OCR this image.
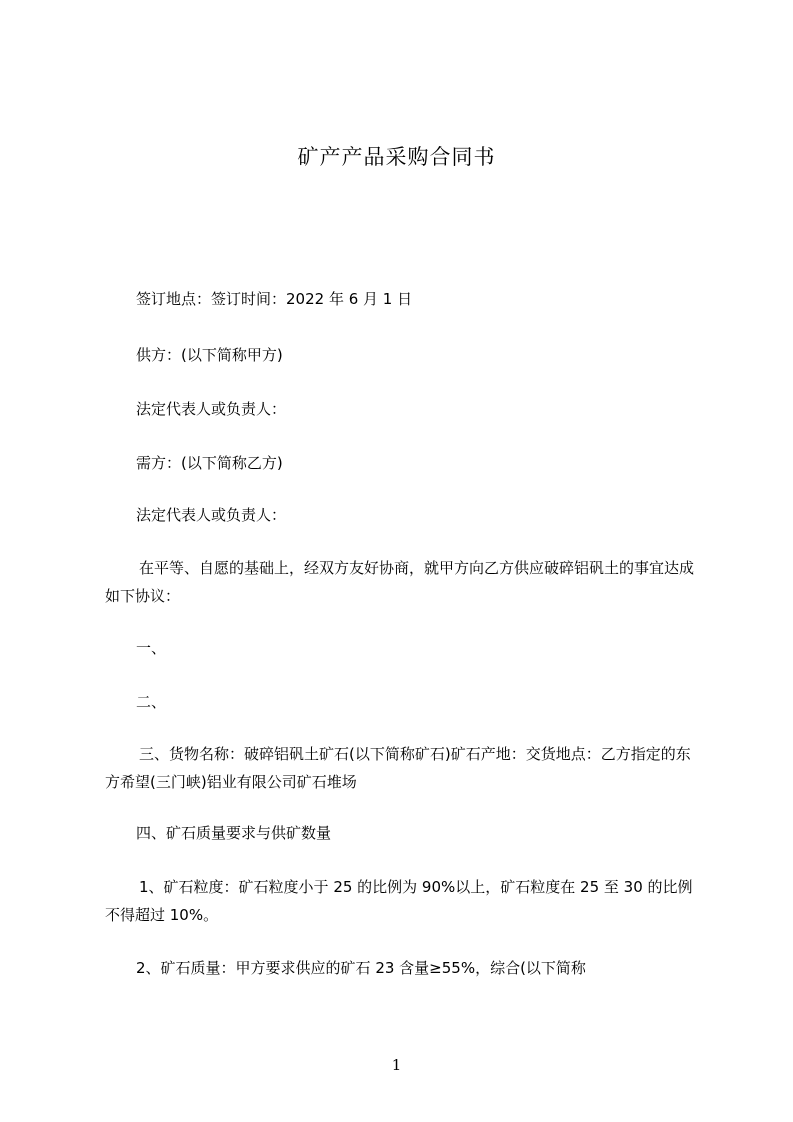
矿产产品采购合同书

签订地点：签订时间：2022 年 6 月 1 日

供方：(以下简称甲方)

法定代表人或负责人：

需方：(以下简称乙方)

法定代表人或负责人：

在平等、自愿的基础上，经双方友好协商，就甲方向乙方供应破碎铝矾土的事宜达成如下协议：

一、

二、

三、货物名称：破碎铝矾土矿石(以下简称矿石)矿石产地：交货地点：乙方指定的东方希望(三门峡)铝业有限公司矿石堆场

四、矿石质量要求与供矿数量

1、矿石粒度：矿石粒度小于 25 的比例为 90%以上，矿石粒度在 25 至 30 的比例不得超过 10%。

2、矿石质量：甲方要求供应的矿石 23 含量≥55%，综合(以下简称

1
